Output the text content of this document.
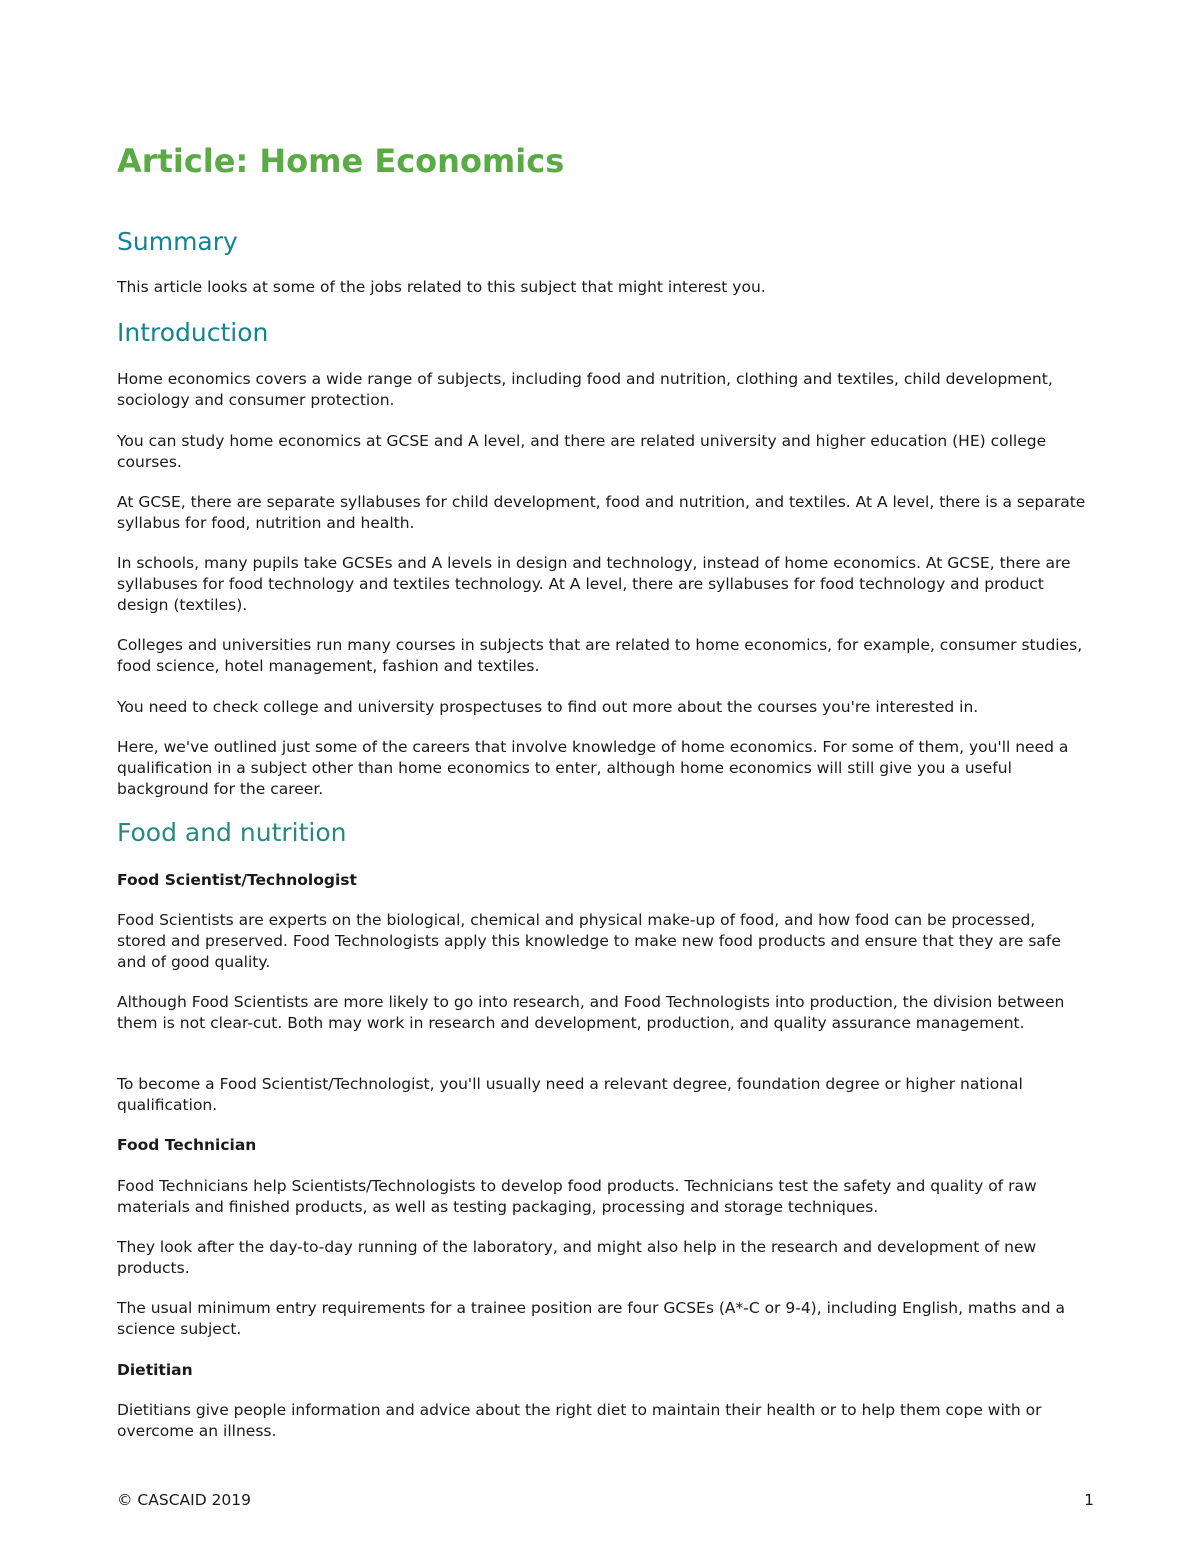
Article: Home Economics
Summary

This article looks at some of the jobs related to this subject that might interest you.

Introduction

Home economics covers a wide range of subjects, including food and nutrition, clothing and textiles, child development, sociology and consumer protection.

You can study home economics at GCSE and A level, and there are related university and higher education (HE) college courses.

At GCSE, there are separate syllabuses for child development, food and nutrition, and textiles. At A level, there is a separate syllabus for food, nutrition and health.

In schools, many pupils take GCSEs and A levels in design and technology, instead of home economics. At GCSE, there are syllabuses for food technology and textiles technology. At A level, there are syllabuses for food technology and product design (textiles).

Colleges and universities run many courses in subjects that are related to home economics, for example, consumer studies, food science, hotel management, fashion and textiles.

You need to check college and university prospectuses to find out more about the courses you're interested in.

Here, we've outlined just some of the careers that involve knowledge of home economics. For some of them, you'll need a qualification in a subject other than home economics to enter, although home economics will still give you a useful background for the career.

Food and nutrition

Food Scientist/Technologist

Food Scientists are experts on the biological, chemical and physical make-up of food, and how food can be processed, stored and preserved. Food Technologists apply this knowledge to make new food products and ensure that they are safe and of good quality.

Although Food Scientists are more likely to go into research, and Food Technologists into production, the division between them is not clear-cut. Both may work in research and development, production, and quality assurance management.

To become a Food Scientist/Technologist, you'll usually need a relevant degree, foundation degree or higher national qualification.

Food Technician

Food Technicians help Scientists/Technologists to develop food products. Technicians test the safety and quality of raw materials and finished products, as well as testing packaging, processing and storage techniques.

They look after the day-to-day running of the laboratory, and might also help in the research and development of new products.

The usual minimum entry requirements for a trainee position are four GCSEs (A*-C or 9-4), including English, maths and a science subject.

Dietitian

Dietitians give people information and advice about the right diet to maintain their health or to help them cope with or overcome an illness.

© CASCAID 2019	1
